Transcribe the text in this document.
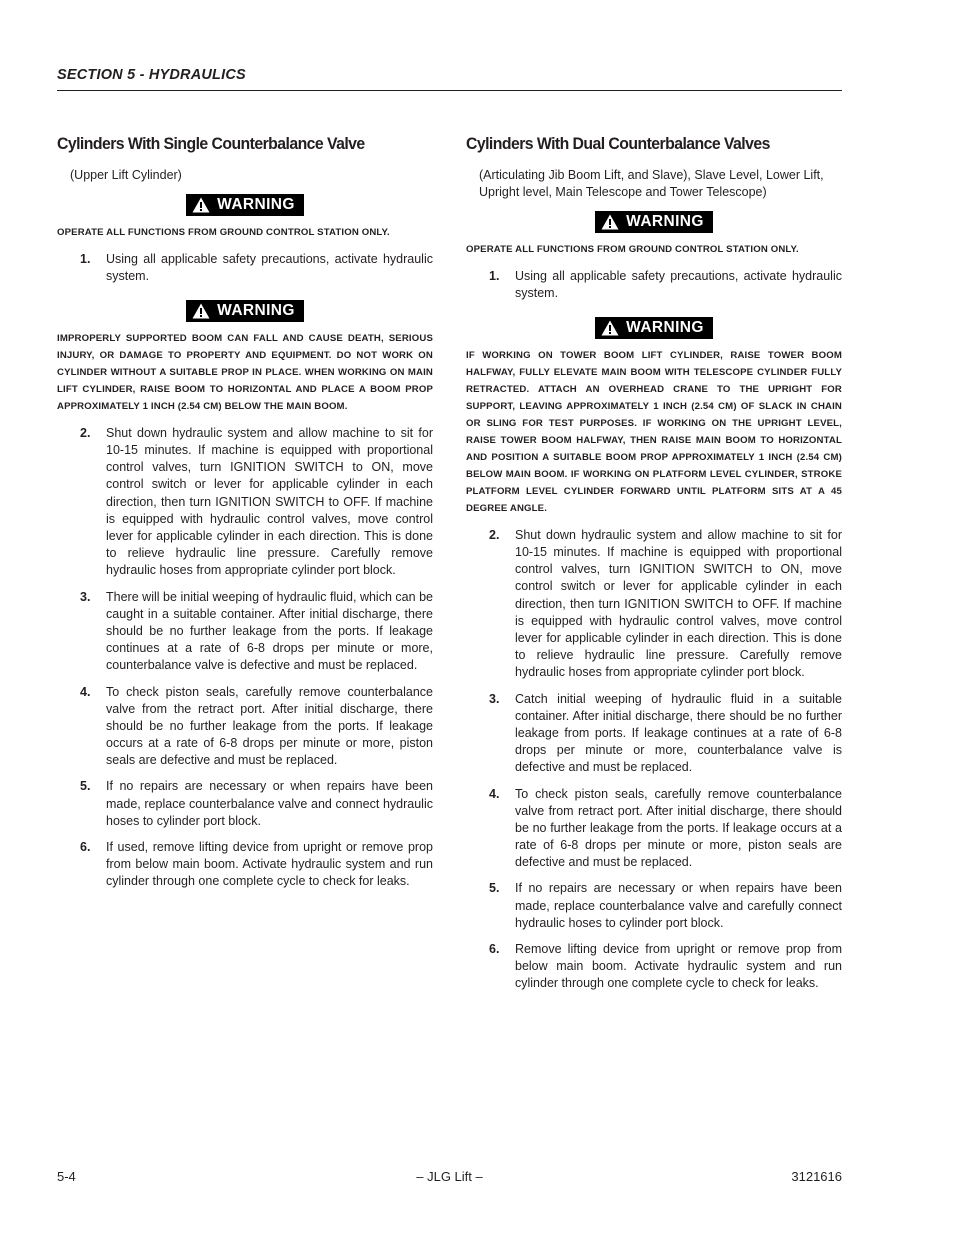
SECTION 5 - HYDRAULICS
Cylinders With Single Counterbalance Valve

(Upper Lift Cylinder)

WARNING

OPERATE ALL FUNCTIONS FROM GROUND CONTROL STATION ONLY.

1. Using all applicable safety precautions, activate hydraulic system.
WARNING

IMPROPERLY SUPPORTED BOOM CAN FALL AND CAUSE DEATH, SERIOUS INJURY, OR DAMAGE TO PROPERTY AND EQUIPMENT. DO NOT WORK ON CYLINDER WITHOUT A SUITABLE PROP IN PLACE. WHEN WORKING ON MAIN LIFT CYLINDER, RAISE BOOM TO HORIZONTAL AND PLACE A BOOM PROP APPROXIMATELY 1 INCH (2.54 CM) BELOW THE MAIN BOOM.

2. Shut down hydraulic system and allow machine to sit for 10-15 minutes. If machine is equipped with proportional control valves, turn IGNITION SWITCH to ON, move control switch or lever for applicable cylinder in each direction, then turn IGNITION SWITCH to OFF. If machine is equipped with hydraulic control valves, move control lever for applicable cylinder in each direction. This is done to relieve hydraulic line pressure. Carefully remove hydraulic hoses from appropriate cylinder port block.
3. There will be initial weeping of hydraulic fluid, which can be caught in a suitable container. After initial discharge, there should be no further leakage from the ports. If leakage continues at a rate of 6-8 drops per minute or more, counterbalance valve is defective and must be replaced.
4. To check piston seals, carefully remove counterbalance valve from the retract port. After initial discharge, there should be no further leakage from the ports. If leakage occurs at a rate of 6-8 drops per minute or more, piston seals are defective and must be replaced.
5. If no repairs are necessary or when repairs have been made, replace counterbalance valve and connect hydraulic hoses to cylinder port block.
6. If used, remove lifting device from upright or remove prop from below main boom. Activate hydraulic system and run cylinder through one complete cycle to check for leaks.
Cylinders With Dual Counterbalance Valves

(Articulating Jib Boom Lift, and Slave), Slave Level, Lower Lift, Upright level, Main Telescope and Tower Telescope)

WARNING

OPERATE ALL FUNCTIONS FROM GROUND CONTROL STATION ONLY.

1. Using all applicable safety precautions, activate hydraulic system.
WARNING

IF WORKING ON TOWER BOOM LIFT CYLINDER, RAISE TOWER BOOM HALFWAY, FULLY ELEVATE MAIN BOOM WITH TELESCOPE CYLINDER FULLY RETRACTED. ATTACH AN OVERHEAD CRANE TO THE UPRIGHT FOR SUPPORT, LEAVING APPROXIMATELY 1 INCH (2.54 CM) OF SLACK IN CHAIN OR SLING FOR TEST PURPOSES. IF WORKING ON THE UPRIGHT LEVEL, RAISE TOWER BOOM HALFWAY, THEN RAISE MAIN BOOM TO HORIZONTAL AND POSITION A SUITABLE BOOM PROP APPROXIMATELY 1 INCH (2.54 CM) BELOW MAIN BOOM. IF WORKING ON PLATFORM LEVEL CYLINDER, STROKE PLATFORM LEVEL CYLINDER FORWARD UNTIL PLATFORM SITS AT A 45 DEGREE ANGLE.

2. Shut down hydraulic system and allow machine to sit for 10-15 minutes. If machine is equipped with proportional control valves, turn IGNITION SWITCH to ON, move control switch or lever for applicable cylinder in each direction, then turn IGNITION SWITCH to OFF. If machine is equipped with hydraulic control valves, move control lever for applicable cylinder in each direction. This is done to relieve hydraulic line pressure. Carefully remove hydraulic hoses from appropriate cylinder port block.
3. Catch initial weeping of hydraulic fluid in a suitable container. After initial discharge, there should be no further leakage from ports. If leakage continues at a rate of 6-8 drops per minute or more, counterbalance valve is defective and must be replaced.
4. To check piston seals, carefully remove counterbalance valve from retract port. After initial discharge, there should be no further leakage from the ports. If leakage occurs at a rate of 6-8 drops per minute or more, piston seals are defective and must be replaced.
5. If no repairs are necessary or when repairs have been made, replace counterbalance valve and carefully connect hydraulic hoses to cylinder port block.
6. Remove lifting device from upright or remove prop from below main boom. Activate hydraulic system and run cylinder through one complete cycle to check for leaks.
5-4	– JLG Lift –	3121616
